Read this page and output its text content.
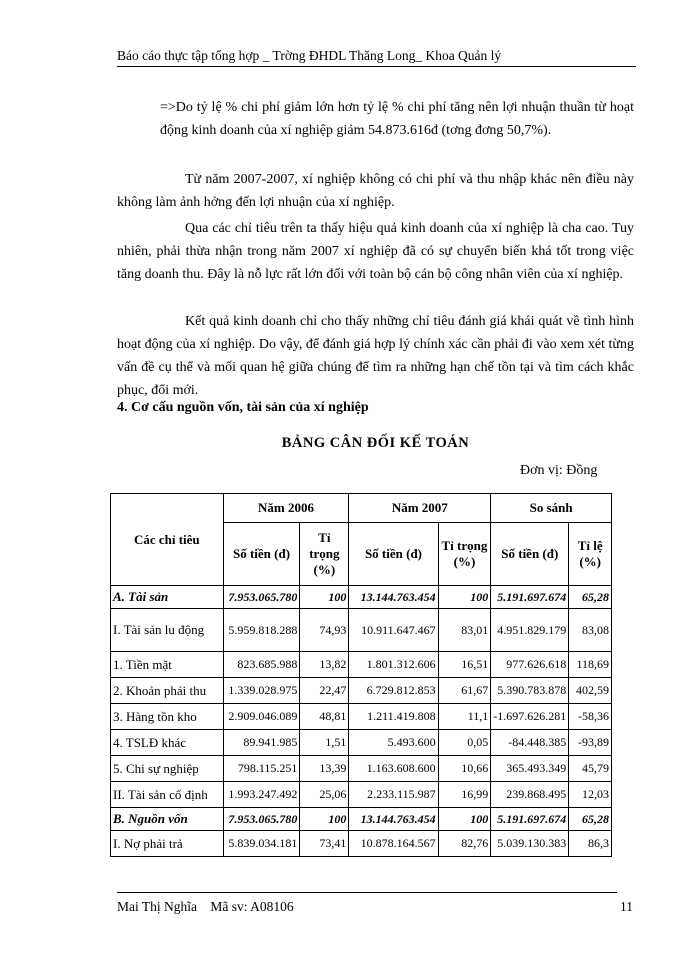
Báo cáo thực tập tổng hợp _ Trờng ĐHDL Thăng Long_ Khoa Quản lý

=>Do tỷ lệ % chi phí giảm lớn hơn tỷ lệ % chi phí tăng nên lợi nhuận thuần từ hoạt động kinh doanh của xí nghiệp giảm 54.873.616đ (tơng đơng 50,7%).

Từ năm 2007-2007, xí nghiệp không có chi phí và thu nhập khác nên điều này không làm ảnh hởng đến lợi nhuận của xí nghiệp.

Qua các chỉ tiêu trên ta thấy hiệu quả kinh doanh của xí nghiệp là cha cao. Tuy nhiên, phải thừa nhận trong năm 2007 xí nghiệp đã có sự chuyển biến khá tốt trong việc tăng doanh thu. Đây là nỗ lực rất lớn đối với toàn bộ cán bộ công nhân viên của xí nghiệp.

Kết quả kinh doanh chỉ cho thấy những chỉ tiêu đánh giá khái quát về tình hình hoạt động của xí nghiệp. Do vậy, để đánh giá hợp lý chính xác cần phải đi vào xem xét từng vấn đề cụ thể và mối quan hệ giữa chúng để tìm ra những hạn chế tồn tại và tìm cách khắc phục, đổi mới.

4. Cơ cấu nguồn vốn, tài sản của xí nghiệp
BẢNG CÂN ĐỐI KẾ TOÁN
Đơn vị: Đồng
Các chỉ tiêu	Năm 2006		Năm 2007		So sánh	
	Số tiền (đ)	Tỉ trọng (%)	Số tiền (đ)	Tỉ trọng (%)	Số tiền (đ)	Tỉ lệ (%)
A. Tài sản	7.953.065.780	100	13.144.763.454	100	5.191.697.674	65,28
I. Tài sản lu động	5.959.818.288	74,93	10.911.647.467	83,01	4.951.829.179	83,08
1. Tiền mặt	823.685.988	13,82	1.801.312.606	16,51	977.626.618	118,69
2. Khoản phải thu	1.339.028.975	22,47	6.729.812.853	61,67	5.390.783.878	402,59
3. Hàng tồn kho	2.909.046.089	48,81	1.211.419.808	11,1	-1.697.626.281	-58,36
4. TSLĐ khác	89.941.985	1,51	5.493.600	0,05	-84.448.385	-93,89
5. Chi sự nghiệp	798.115.251	13,39	1.163.608.600	10,66	365.493.349	45,79
II. Tài sản cố định	1.993.247.492	25,06	2.233.115.987	16,99	239.868.495	12,03
B. Nguồn vốn	7.953.065.780	100	13.144.763.454	100	5.191.697.674	65,28
I. Nợ phải trả	5.839.034.181	73,41	10.878.164.567	82,76	5.039.130.383	86,3
Mai Thị Nghĩa Mã sv: A08106	11
